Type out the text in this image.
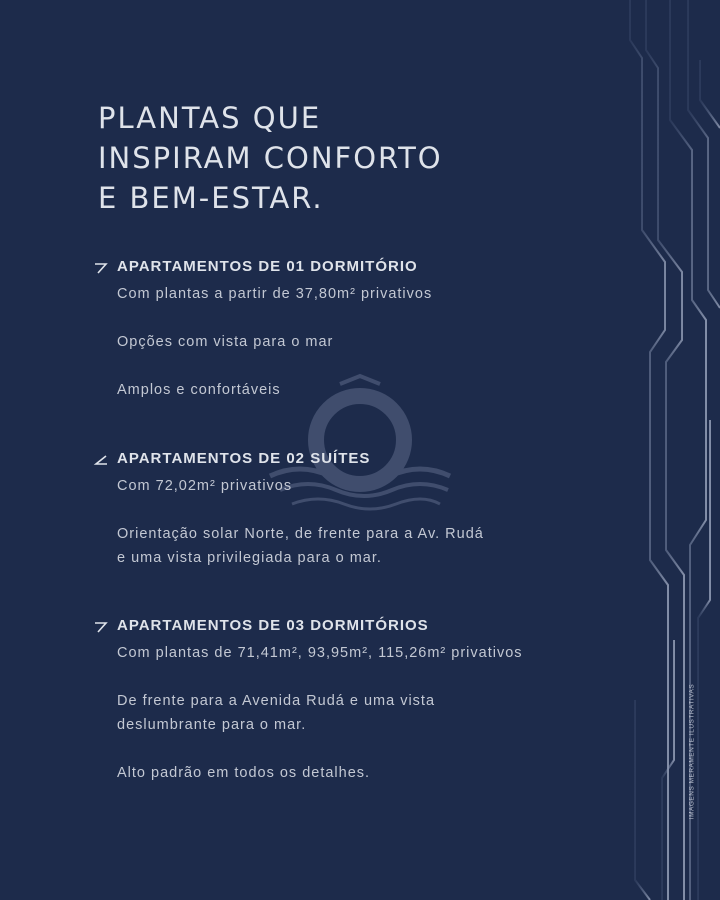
PLANTAS QUE
INSPIRAM CONFORTO
E BEM-ESTAR.
APARTAMENTOS DE 01 DORMITÓRIO
Com plantas a partir de 37,80m² privativos
Opções com vista para o mar
Amplos e confortáveis
APARTAMENTOS DE 02 SUÍTES
Com 72,02m² privativos
Orientação solar Norte, de frente para a Av. Rudá
e uma vista privilegiada para o mar.
APARTAMENTOS DE 03 DORMITÓRIOS
Com plantas de 71,41m², 93,95m², 115,26m² privativos
De frente para a Avenida Rudá e uma vista
deslumbrante para o mar.
Alto padrão em todos os detalhes.	IMAGENS MERAMENTE ILUSTRATIVAS
